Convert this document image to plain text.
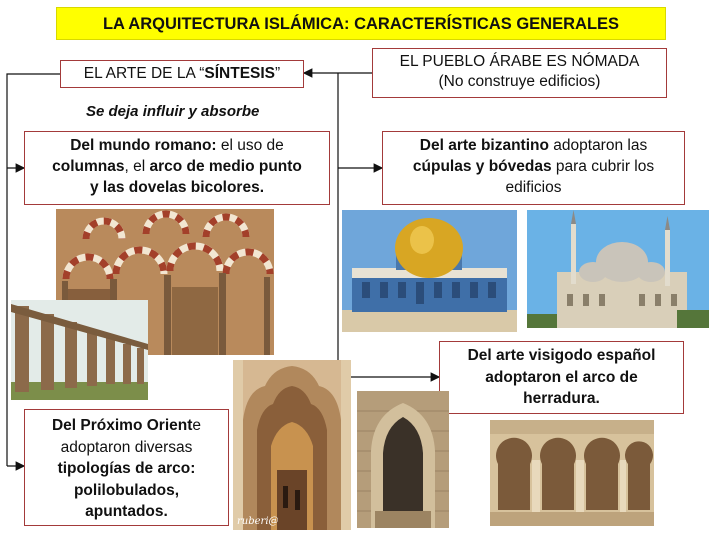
LA ARQUITECTURA ISLÁMICA: CARACTERÍSTICAS GENERALES
EL ARTE DE LA “SÍNTESIS”
EL PUEBLO ÁRABE ES NÓMADA
(No construye edificios)
Se deja influir y absorbe
Del mundo romano: el uso de
columnas, el arco de medio punto
y las dovelas bicolores.
Del arte bizantino adoptaron las
cúpulas y bóvedas para cubrir los
edificios
Del arte visigodo español
adoptaron el arco de
herradura.
Del Próximo Oriente
adoptaron diversas
tipologías de arco:
polilobulados,
apuntados.
ruberi@
